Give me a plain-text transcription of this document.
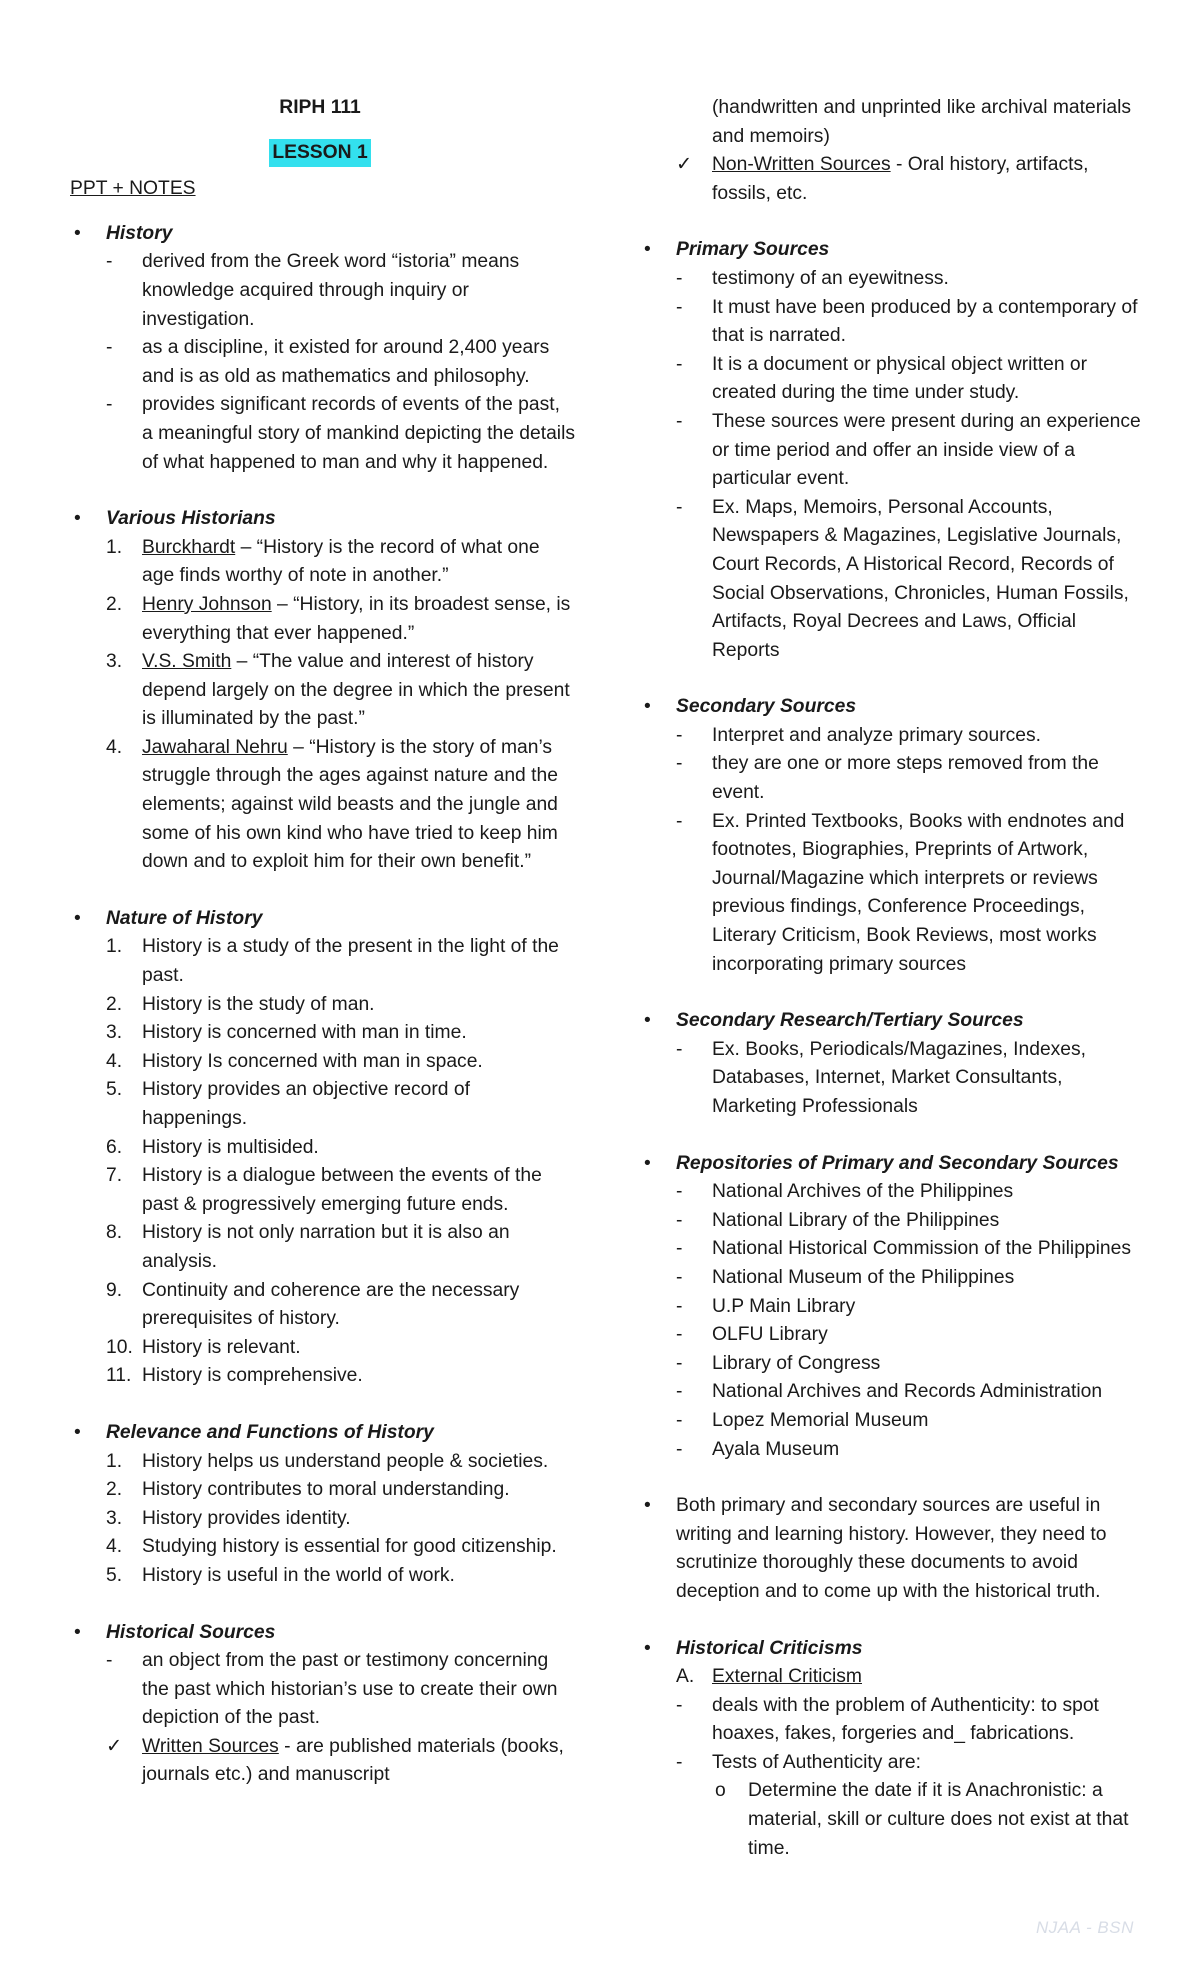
RIPH 111
LESSON 1
PPT + NOTES
• History
- derived from the Greek word “istoria” means knowledge acquired through inquiry or investigation.
- as a discipline, it existed for around 2,400 years and is as old as mathematics and philosophy.
- provides significant records of events of the past, a meaningful story of mankind depicting the details of what happened to man and why it happened.
• Various Historians
1. Burckhardt – “History is the record of what one age finds worthy of note in another.”
2. Henry Johnson – “History, in its broadest sense, is everything that ever happened.”
3. V.S. Smith – “The value and interest of history depend largely on the degree in which the present is illuminated by the past.”
4. Jawaharal Nehru – “History is the story of man’s struggle through the ages against nature and the elements; against wild beasts and the jungle and some of his own kind who have tried to keep him down and to exploit him for their own benefit.”
• Nature of History
1. History is a study of the present in the light of the past.
2. History is the study of man.
3. History is concerned with man in time.
4. History Is concerned with man in space.
5. History provides an objective record of happenings.
6. History is multisided.
7. History is a dialogue between the events of the past & progressively emerging future ends.
8. History is not only narration but it is also an analysis.
9. Continuity and coherence are the necessary prerequisites of history.
10. History is relevant.
11. History is comprehensive.
• Relevance and Functions of History
1. History helps us understand people & societies.
2. History contributes to moral understanding.
3. History provides identity.
4. Studying history is essential for good citizenship.
5. History is useful in the world of work.
• Historical Sources
- an object from the past or testimony concerning the past which historian’s use to create their own depiction of the past.
✓ Written Sources - are published materials (books, journals etc.) and manuscript
(handwritten and unprinted like archival materials and memoirs)
✓ Non-Written Sources - Oral history, artifacts, fossils, etc.
• Primary Sources
- testimony of an eyewitness.
- It must have been produced by a contemporary of that is narrated.
- It is a document or physical object written or created during the time under study.
- These sources were present during an experience or time period and offer an inside view of a particular event.
- Ex. Maps, Memoirs, Personal Accounts, Newspapers & Magazines, Legislative Journals, Court Records, A Historical Record, Records of Social Observations, Chronicles, Human Fossils, Artifacts, Royal Decrees and Laws, Official Reports
• Secondary Sources
- Interpret and analyze primary sources.
- they are one or more steps removed from the event.
- Ex. Printed Textbooks, Books with endnotes and footnotes, Biographies, Preprints of Artwork, Journal/Magazine which interprets or reviews previous findings, Conference Proceedings, Literary Criticism, Book Reviews, most works incorporating primary sources
• Secondary Research/Tertiary Sources
- Ex. Books, Periodicals/Magazines, Indexes, Databases, Internet, Market Consultants, Marketing Professionals
• Repositories of Primary and Secondary Sources
- National Archives of the Philippines
- National Library of the Philippines
- National Historical Commission of the Philippines
- National Museum of the Philippines
- U.P Main Library
- OLFU Library
- Library of Congress
- National Archives and Records Administration
- Lopez Memorial Museum
- Ayala Museum
• Both primary and secondary sources are useful in writing and learning history. However, they need to scrutinize thoroughly these documents to avoid deception and to come up with the historical truth.
• Historical Criticisms
A. External Criticism
- deals with the problem of Authenticity: to spot hoaxes, fakes, forgeries and_ fabrications.
- Tests of Authenticity are:
o Determine the date if it is Anachronistic: a material, skill or culture does not exist at that time.
NJAA - BSN
